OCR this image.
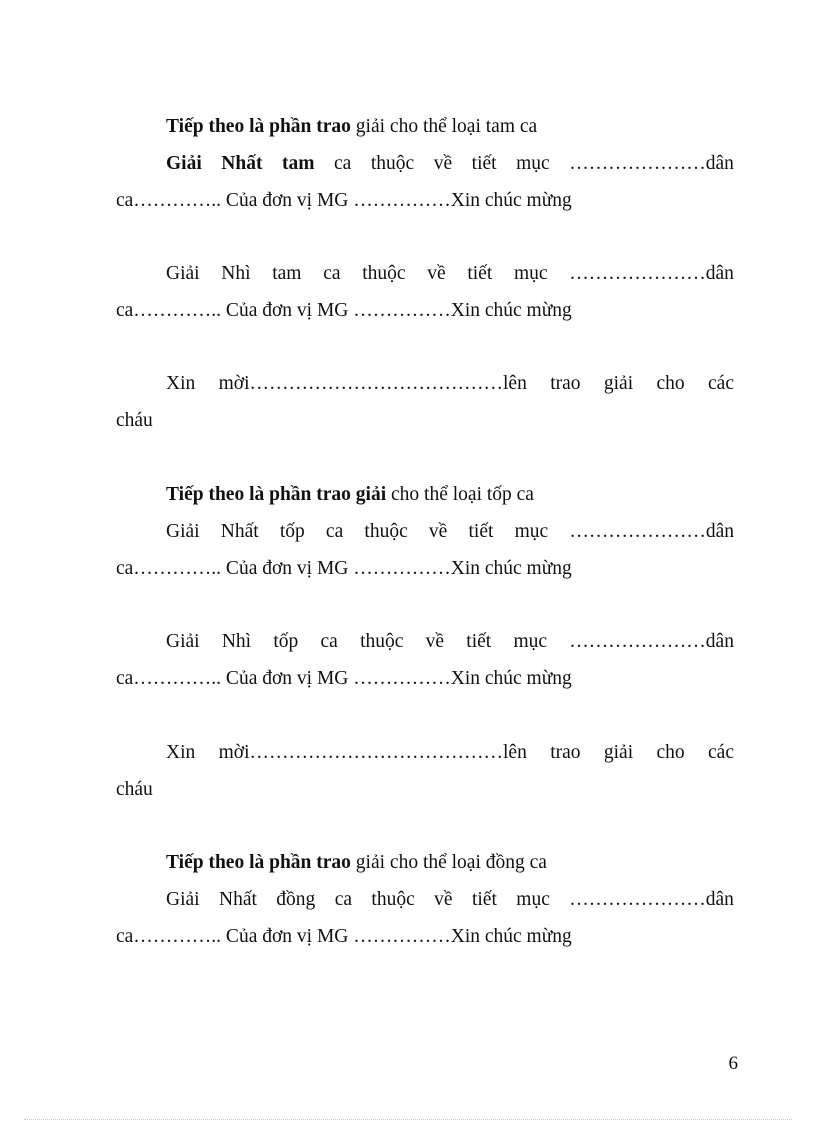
Tiếp theo là phần trao giải cho thể loại tam ca
Giải Nhất tam ca thuộc về tiết mục …………………dân
ca………….. Của đơn vị MG ……………Xin chúc mừng
Giải Nhì tam ca thuộc về tiết mục …………………dân
ca………….. Của đơn vị MG ……………Xin chúc mừng
Xin mời…………………………………lên trao giải cho các
cháu
Tiếp theo là phần trao giải cho thể loại tốp ca
Giải Nhất tốp ca thuộc về tiết mục …………………dân
ca………….. Của đơn vị MG ……………Xin chúc mừng
Giải Nhì tốp ca thuộc về tiết mục …………………dân
ca………….. Của đơn vị MG ……………Xin chúc mừng
Xin mời…………………………………lên trao giải cho các
cháu
Tiếp theo là phần trao giải cho thể loại đồng ca
Giải Nhất đồng ca thuộc về tiết mục …………………dân
ca………….. Của đơn vị MG ……………Xin chúc mừng
6
